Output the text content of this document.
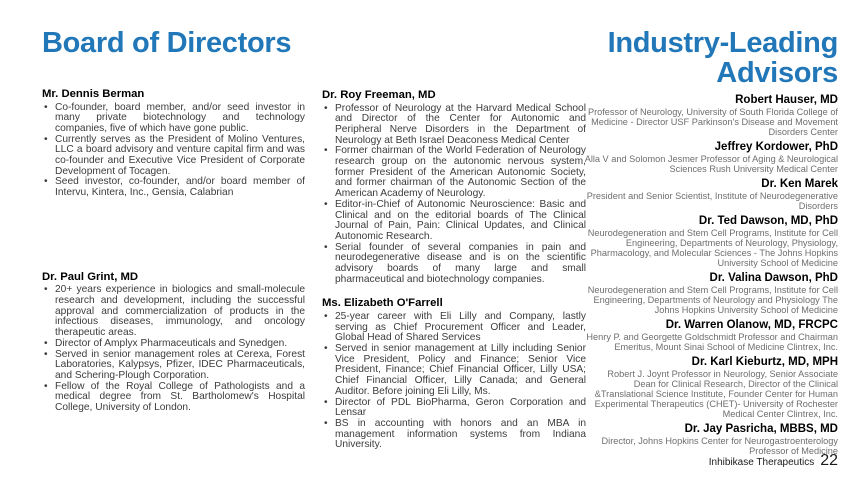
Board of Directors	Industry-Leading Advisors
Mr. Dennis Berman
• Co-founder, board member, and/or seed investor in many private biotechnology and technology companies, five of which have gone public.
• Currently serves as the President of Molino Ventures, LLC a board advisory and venture capital firm and was co-founder and Executive Vice President of Corporate Development of Tocagen.
• Seed investor, co-founder, and/or board member of Intervu, Kintera, Inc., Gensia, Calabrian
Dr. Paul Grint, MD
• 20+ years experience in biologics and small-molecule research and development, including the successful approval and commercialization of products in the infectious diseases, immunology, and oncology therapeutic areas.
• Director of Amplyx Pharmaceuticals and Synedgen.
• Served in senior management roles at Cerexa, Forest Laboratories, Kalypsys, Pfizer, IDEC Pharmaceuticals, and Schering-Plough Corporation.
• Fellow of the Royal College of Pathologists and a medical degree from St. Bartholomew's Hospital College, University of London.
Dr. Roy Freeman, MD
• Professor of Neurology at the Harvard Medical School and Director of the Center for Autonomic and Peripheral Nerve Disorders in the Department of Neurology at Beth Israel Deaconess Medical Center
• Former chairman of the World Federation of Neurology research group on the autonomic nervous system, former President of the American Autonomic Society, and former chairman of the Autonomic Section of the American Academy of Neurology.
• Editor-in-Chief of Autonomic Neuroscience: Basic and Clinical and on the editorial boards of The Clinical Journal of Pain, Pain: Clinical Updates, and Clinical Autonomic Research.
• Serial founder of several companies in pain and neurodegenerative disease and is on the scientific advisory boards of many large and small pharmaceutical and biotechnology companies.
Ms. Elizabeth O'Farrell
• 25-year career with Eli Lilly and Company, lastly serving as Chief Procurement Officer and Leader, Global Head of Shared Services
• Served in senior management at Lilly including Senior Vice President, Policy and Finance; Senior Vice President, Finance; Chief Financial Officer, Lilly USA; Chief Financial Officer, Lilly Canada; and General Auditor. Before joining Eli Lilly, Ms.
• Director of PDL BioPharma, Geron Corporation and Lensar
• BS in accounting with honors and an MBA in management information systems from Indiana University.
Robert Hauser, MD

Professor of Neurology, University of South Florida College of Medicine - Director USF Parkinson's Disease and Movement Disorders Center

Jeffrey Kordower, PhD

Alla V and Solomon Jesmer Professor of Aging & Neurological Sciences Rush University Medical Center

Dr. Ken Marek

President and Senior Scientist, Institute of Neurodegenerative Disorders

Dr. Ted Dawson, MD, PhD

Neurodegeneration and Stem Cell Programs, Institute for Cell Engineering, Departments of Neurology, Physiology, Pharmacology, and Molecular Sciences - The Johns Hopkins University School of Medicine

Dr. Valina Dawson, PhD

Neurodegeneration and Stem Cell Programs, Institute for Cell Engineering, Departments of Neurology and Physiology The Johns Hopkins University School of Medicine

Dr. Warren Olanow, MD, FRCPC

Henry P. and Georgette Goldschmidt Professor and Chairman Emeritus, Mount Sinai School of Medicine Clintrex, Inc.

Dr. Karl Kieburtz, MD, MPH

Robert J. Joynt Professor in Neurology, Senior Associate Dean for Clinical Research, Director of the Clinical &Translational Science Institute, Founder Center for Human Experimental Therapeutics (CHET)- University of Rochester Medical Center Clintrex, Inc.

Dr. Jay Pasricha, MBBS, MD

Director, Johns Hopkins Center for Neurogastroenterology Professor of Medicine

Inhibikase Therapeutics 22
